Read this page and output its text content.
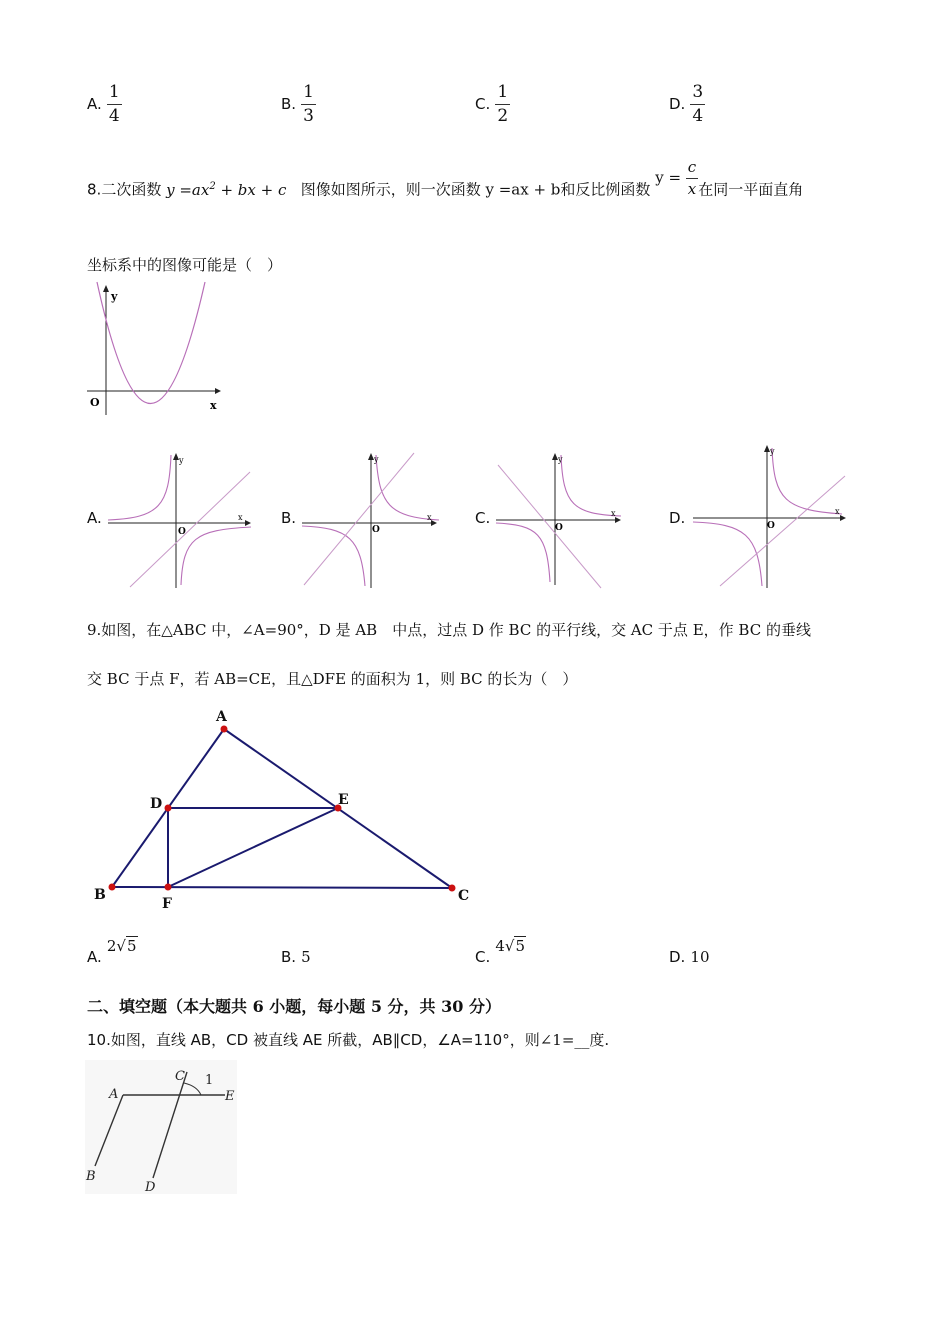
A. $\frac{1}{4}$	B. $\frac{1}{3}$	C. $\frac{1}{2}$	D. $\frac{3}{4}$
8.二次函数 $y =ax^2$ + bx + c 图像如图所示，则一次函数 y =ax + b和反比例函数 $y = \frac{c}{x}$ 在同一平面直角
坐标系中的图像可能是（　）
y
x
O
A.
y
x
O
B.
y
x
O
C.
y
x
O
D.
y
x
O
9.如图，在△ABC 中，∠A=90°，D 是 AB　中点，过点 D 作 BC 的平行线，交 AC 于点 E，作 BC 的垂线
交 BC 于点 F，若 AB=CE，且△DFE 的面积为 1，则 BC 的长为（　）
A
B	C
D	E
F
A. 2√5
B. 5	C. 4√5
D. 10
二、填空题（本大题共 6 小题，每小题 5 分，共 30 分）
10.如图，直线 AB，CD 被直线 AE 所截，AB∥CD，∠A=110°，则∠1=__度.
A
B
C
D
E
1
